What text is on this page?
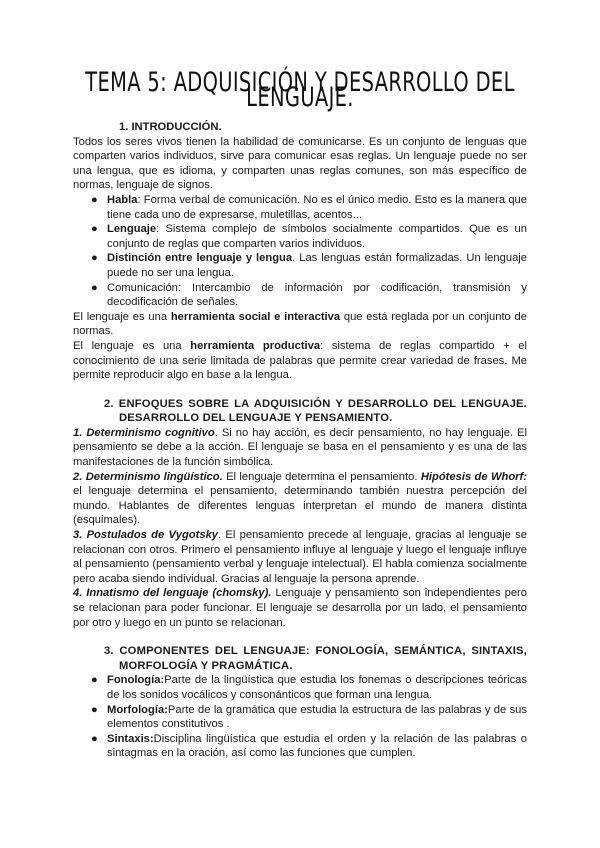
TEMA 5: ADQUISICIÓN Y DESARROLLO DEL LENGUAJE.

1. INTRODUCCIÓN.

Todos los seres vivos tienen la habilidad de comunicarse. Es un conjunto de lenguas que comparten varios individuos, sirve para comunicar esas reglas. Un lenguaje puede no ser una lengua, que es idioma, y comparten unas reglas comunes, son más específico de normas, lenguaje de signos.

● Habla: Forma verbal de comunicación. No es el único medio. Esto es la manera que tiene cada uno de expresarse, muletillas, acentos...
● Lenguaje: Sistema complejo de símbolos socialmente compartidos. Que es un conjunto de reglas que comparten varios individuos.
● Distinción entre lenguaje y lengua. Las lenguas están formalizadas. Un lenguaje puede no ser una lengua.
● Comunicación: Intercambio de información por codificación, transmisión y decodificación de señales.

El lenguaje es una herramienta social e interactiva que está reglada por un conjunto de normas.

El lenguaje es una herramienta productiva: sistema de reglas compartido + el conocimiento de una serie limitada de palabras que permite crear variedad de frases. Me permite reproducir algo en base a la lengua.

2. ENFOQUES SOBRE LA ADQUISICIÓN Y DESARROLLO DEL LENGUAJE. DESARROLLO DEL LENGUAJE Y PENSAMIENTO.

1. Determinismo cognitivo. Si no hay acción, es decir pensamiento, no hay lenguaje. El pensamiento se debe a la acción. El lenguaje se basa en el pensamiento y es una de las manifestaciones de la función simbólica.

2. Determinismo lingüístico. El lenguaje determina el pensamiento. Hipótesis de Whorf: el lenguaje determina el pensamiento, determinando también nuestra percepción del mundo. Hablantes de diferentes lenguas interpretan el mundo de manera distinta (esquimales).

3. Postulados de Vygotsky. El pensamiento precede al lenguaje, gracias al lenguaje se relacionan con otros. Primero el pensamiento influye al lenguaje y luego el lenguaje influye al pensamiento (pensamiento verbal y lenguaje intelectual). El habla comienza socialmente pero acaba siendo individual. Gracias al lenguaje la persona aprende.

4. Innatismo del lenguaje (chomsky). Lenguaje y pensamiento son independientes pero se relacionan para poder funcionar. El lenguaje se desarrolla por un lado, el pensamiento por otro y luego en un punto se relacionan.

3. COMPONENTES DEL LENGUAJE: FONOLOGÍA, SEMÁNTICA, SINTAXIS, MORFOLOGÍA Y PRAGMÁTICA.

● Fonología:Parte de la lingüística que estudia los fonemas o descripciones teóricas de los sonidos vocálicos y consonánticos que forman una lengua.
● Morfología:Parte de la gramática que estudia la estructura de las palabras y de sus elementos constitutivos .
● Sintaxis:Disciplina lingüística que estudia el orden y la relación de las palabras o sintagmas en la oración, así como las funciones que cumplen.
